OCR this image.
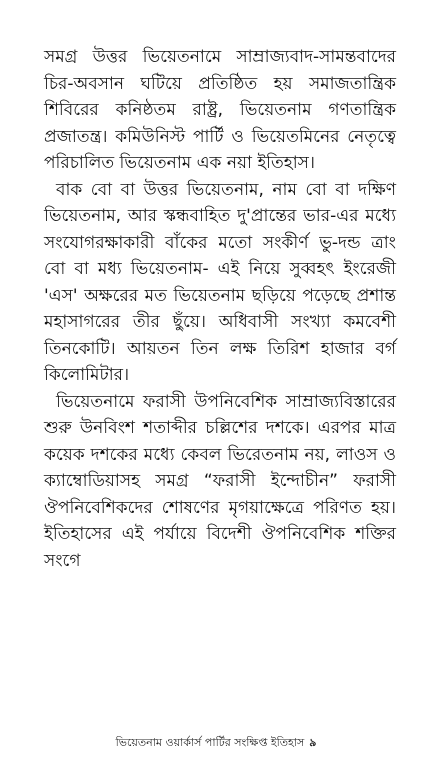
সমগ্র উত্তর ভিয়েতনামে সাম্রাজ্যবাদ-সামন্তবাদের চির-অবসান ঘটিয়ে প্রতিষ্ঠিত হয় সমাজতান্ত্রিক শিবিরের কনিষ্ঠতম রাষ্ট্র, ভিয়েতনাম গণতান্ত্রিক প্রজাতন্ত্র। কমিউনিস্ট পার্টি ও ভিয়েতমিনের নেতৃত্বে পরিচালিত ভিয়েতনাম এক নয়া ইতিহাস।

বাক বো বা উত্তর ভিয়েতনাম, নাম বো বা দক্ষিণ ভিয়েতনাম, আর স্কন্ধবাহিত দু'প্রান্তের ভার-এর মধ্যে সংযোগরক্ষাকারী বাঁকের মতো সংকীর্ণ ভু-দন্ড ত্রাং বো বা মধ্য ভিয়েতনাম- এই নিয়ে সুব্বহৎ ইংরেজী 'এস' অক্ষরের মত ভিয়েতনাম ছড়িয়ে পড়েছে প্রশান্ত মহাসাগরের তীর ছুঁয়ে। অধিবাসী সংখ্যা কমবেশী তিনকোটি। আয়তন তিন লক্ষ তিরিশ হাজার বর্গ কিলোমিটার।

ভিয়েতনামে ফরাসী উপনিবেশিক সাম্রাজ্যবিস্তারের শুরু উনবিংশ শতাব্দীর চল্লিশের দশকে। এরপর মাত্র কয়েক দশকের মধ্যে কেবল ভিরেতনাম নয়, লাওস ও ক্যাম্বোডিয়াসহ সমগ্র “ফরাসী ইন্দোচীন” ফরাসী ঔপনিবেশিকদের শোষণের মৃগয়াক্ষেত্রে পরিণত হয়। ইতিহাসের এই পর্যায়ে বিদেশী ঔপনিবেশিক শক্তির সংগে

ভিয়েতনাম ওয়ার্কার্স পার্টির সংক্ষিপ্ত ইতিহাস ৯
